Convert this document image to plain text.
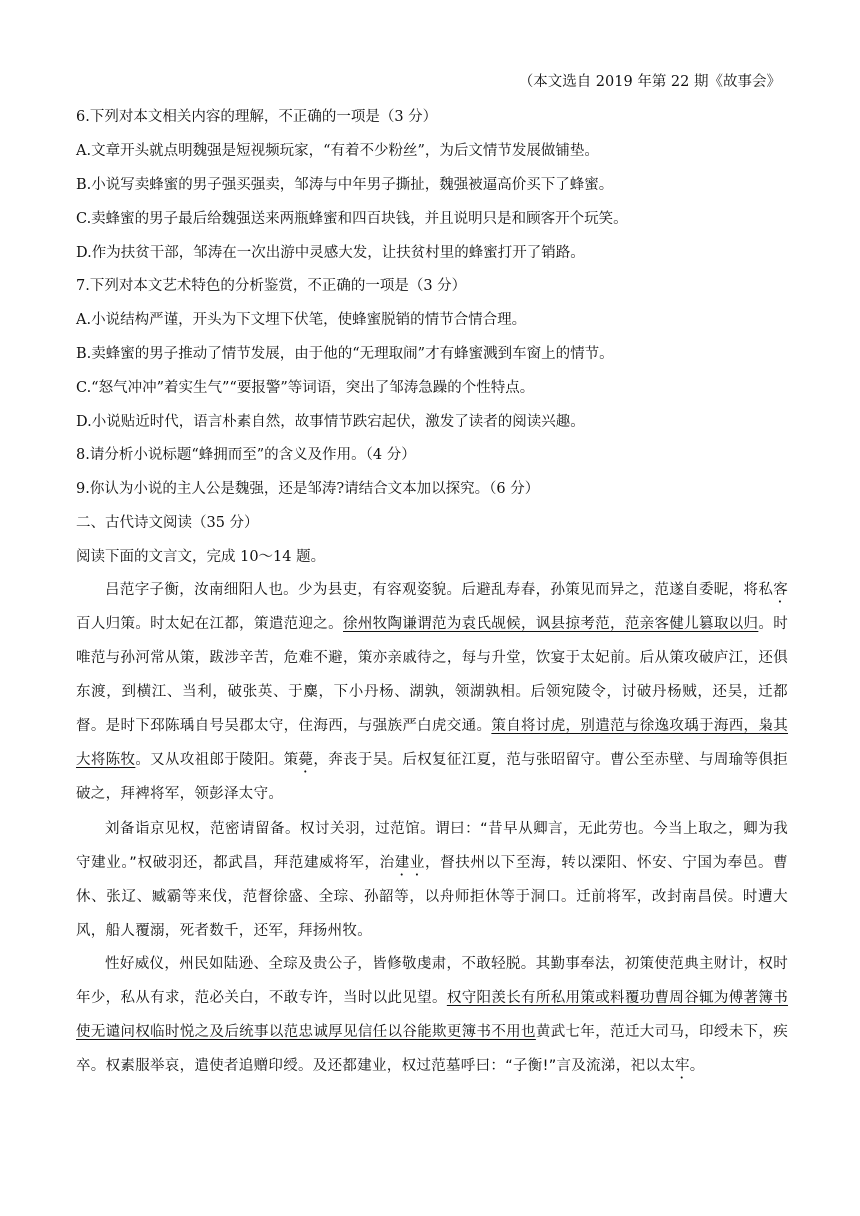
（本文选自 2019 年第 22 期《故事会》
6.下列对本文相关内容的理解，不正确的一项是（3 分）
A.文章开头就点明魏强是短视频玩家，“有着不少粉丝”，为后文情节发展做铺垫。
B.小说写卖蜂蜜的男子强买强卖，邹涛与中年男子撕扯，魏强被逼高价买下了蜂蜜。
C.卖蜂蜜的男子最后给魏强送来两瓶蜂蜜和四百块钱，并且说明只是和顾客开个玩笑。
D.作为扶贫干部，邹涛在一次出游中灵感大发，让扶贫村里的蜂蜜打开了销路。
7.下列对本文艺术特色的分析鉴赏，不正确的一项是（3 分）
A.小说结构严谨，开头为下文埋下伏笔，使蜂蜜脱销的情节合情合理。
B.卖蜂蜜的男子推动了情节发展，由于他的“无理取闹”才有蜂蜜溅到车窗上的情节。
C.“怒气冲冲”着实生气”“要报警”等词语，突出了邹涛急躁的个性特点。
D.小说贴近时代，语言朴素自然，故事情节跌宕起伏，激发了读者的阅读兴趣。
8.请分析小说标题“蜂拥而至”的含义及作用。（4 分）
9.你认为小说的主人公是魏强，还是邹涛?请结合文本加以探究。（6 分）
二、古代诗文阅读（35 分）
阅读下面的文言文，完成 10～14 题。

吕范字子衡，汝南细阳人也。少为县吏，有容观姿貌。后避乱寿春，孙策见而异之，范遂自委昵，将私客百人归策。时太妃在江都，策遣范迎之。徐州牧陶谦谓范为袁氏觇候，讽县掠考范，范亲客健儿篡取以归。时唯范与孙河常从策，跋涉辛苦，危难不避，策亦亲戚待之，每与升堂，饮宴于太妃前。后从策攻破庐江，还俱东渡，到横江、当利，破张英、于麋，下小丹杨、湖孰，领湖孰相。后领宛陵令，讨破丹杨贼，还吴，迁都督。是时下邳陈瑀自号吴郡太守，住海西，与强族严白虎交通。策自将讨虎，别遣范与徐逸攻瑀于海西，枭其大将陈牧。又从攻祖郎于陵阳。策薨，奔丧于吴。后权复征江夏，范与张昭留守。曹公至赤壁、与周瑜等俱拒破之，拜裨将军，领彭泽太守。

刘备诣京见权，范密请留备。权讨关羽，过范馆。谓曰：“昔早从卿言，无此劳也。今当上取之，卿为我守建业。”权破羽还，都武昌，拜范建威将军，治建业，督扶州以下至海，转以溧阳、怀安、宁国为奉邑。曹休、张辽、臧霸等来伐，范督徐盛、全琮、孙韶等，以舟师拒休等于洞口。迁前将军，改封南昌侯。时遭大风，船人覆溺，死者数千，还军，拜扬州牧。

性好威仪，州民如陆逊、全琮及贵公子，皆修敬虔肃，不敢轻脱。其勤事奉法，初策使范典主财计，权时年少，私从有求，范必关白，不敢专许，当时以此见望。权守阳羡长有所私用策或料覆功曹周谷辄为傅著簿书使无谴问权临时悦之及后统事以范忠诚厚见信任以谷能欺更簿书不用也黄武七年，范迁大司马，印绶未下，疾卒。权素服举哀，遣使者追赠印绶。及还都建业，权过范墓呼曰：“子衡!”言及流涕，祀以太牢。
